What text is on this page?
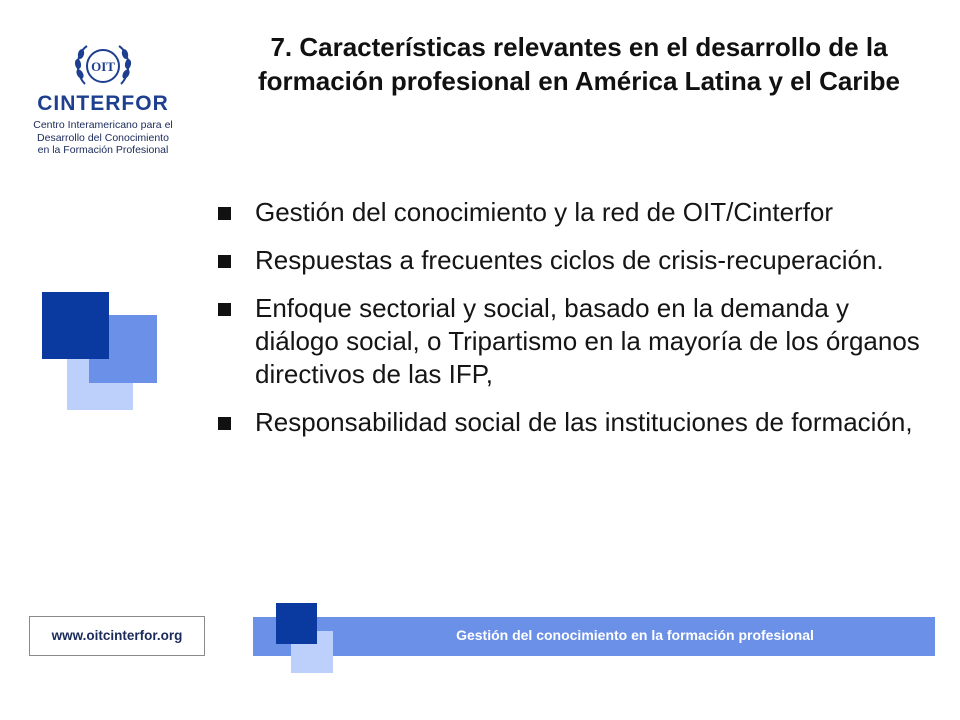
OIT
CINTERFOR
Centro Interamericano para el
Desarrollo del Conocimiento
en la Formación Profesional
7. Características relevantes en el desarrollo de la formación profesional en América Latina y el Caribe
Gestión del conocimiento y la red de OIT/Cinterfor
Respuestas a frecuentes ciclos de crisis-recuperación.
Enfoque sectorial y social, basado en la demanda y diálogo social, o Tripartismo en la mayoría de los órganos directivos de las IFP,
Responsabilidad social de las instituciones de formación,
www.oitcinterfor.org	Gestión del conocimiento en la formación profesional
